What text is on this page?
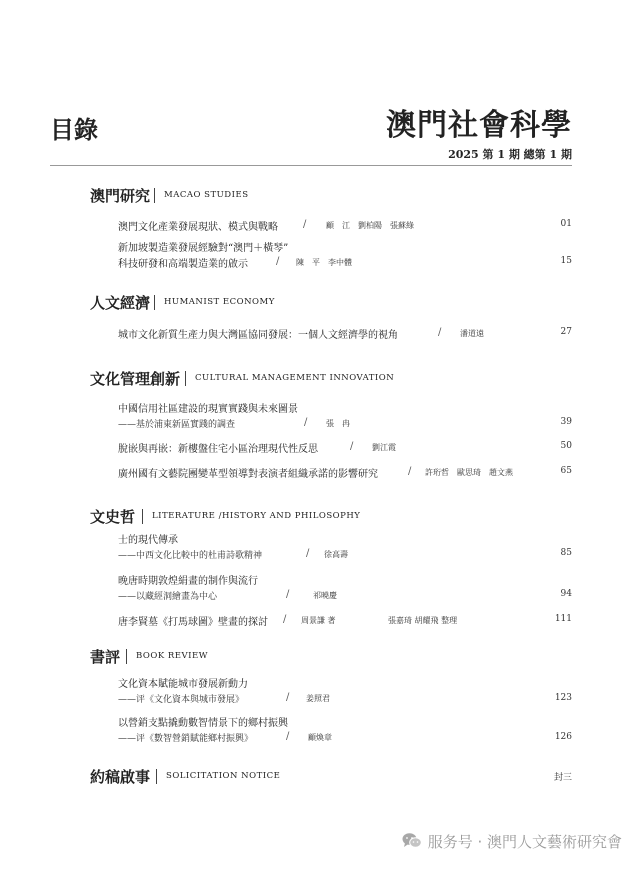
目錄	澳門社會科學
2025 第 1 期 總第 1 期
澳門研究 MACAO STUDIES
澳門文化產業發展現狀、模式與戰略	/ 顧　江　劉柏陽　張蘇綠	01
新加坡製造業發展經驗對“澳門＋橫琴”
科技研發和高端製造業的啟示	/ 陳　平　李中體	15
人文經濟 HUMANIST ECONOMY
城市文化新質生產力與大灣區協同發展：一個人文經濟學的視角	/ 潘道遠	27
文化管理創新 CULTURAL MANAGEMENT INNOVATION
中國信用社區建設的現實實踐與未來圖景
——基於浦東新區實踐的調查	/ 張　冉	39
脫嵌與再嵌：新樓盤住宅小區治理現代性反思	/ 劉江霞	50
廣州國有文藝院團變革型領導對表演者組織承諾的影響研究	/ 許珩哲　歐思琦　趙文燕	65
文史哲 LITERATURE /HISTORY AND PHILOSOPHY
士的現代傳承
——中西文化比較中的杜甫詩歌精神	/ 徐高壽	85
晚唐時期敦煌絹畫的制作與流行
——以藏經洞繪畫為中心	/	祁曉慶	94
唐李賢墓《打馬球圖》壁畫的探討 / 周景謙 著	張嘉琦 胡耀飛 整理	111
書評 BOOK REVIEW
文化資本賦能城市發展新動力
——评《文化資本與城市發展》	/ 姜照君	123
以營銷支點撬動數智情景下的鄉村振興
——评《數智營銷賦能鄉村振興》	/ 顧煥章	126
約稿啟事 SOLICITATION NOTICE	封三
服务号 · 澳門人文藝術研究會
